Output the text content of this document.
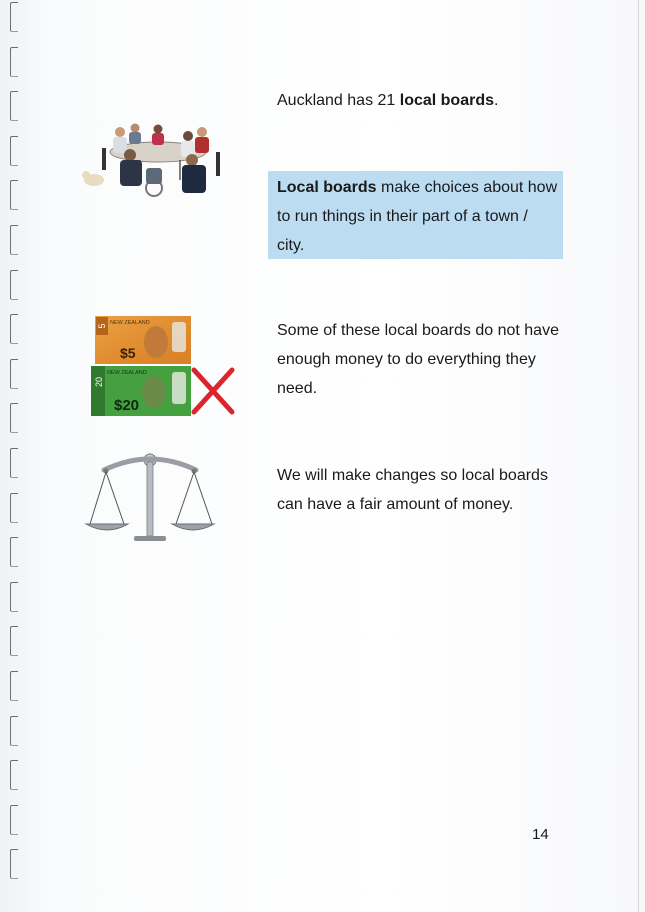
Auckland has 21 local boards.
Local boards make choices about how to run things in their part of a town / city.
5 NEW ZEALAND
$5
20
NEW ZEALAND
$20
Some of these local boards do not have enough money to do everything they need.
We will make changes so local boards can have a fair amount of money.
14
